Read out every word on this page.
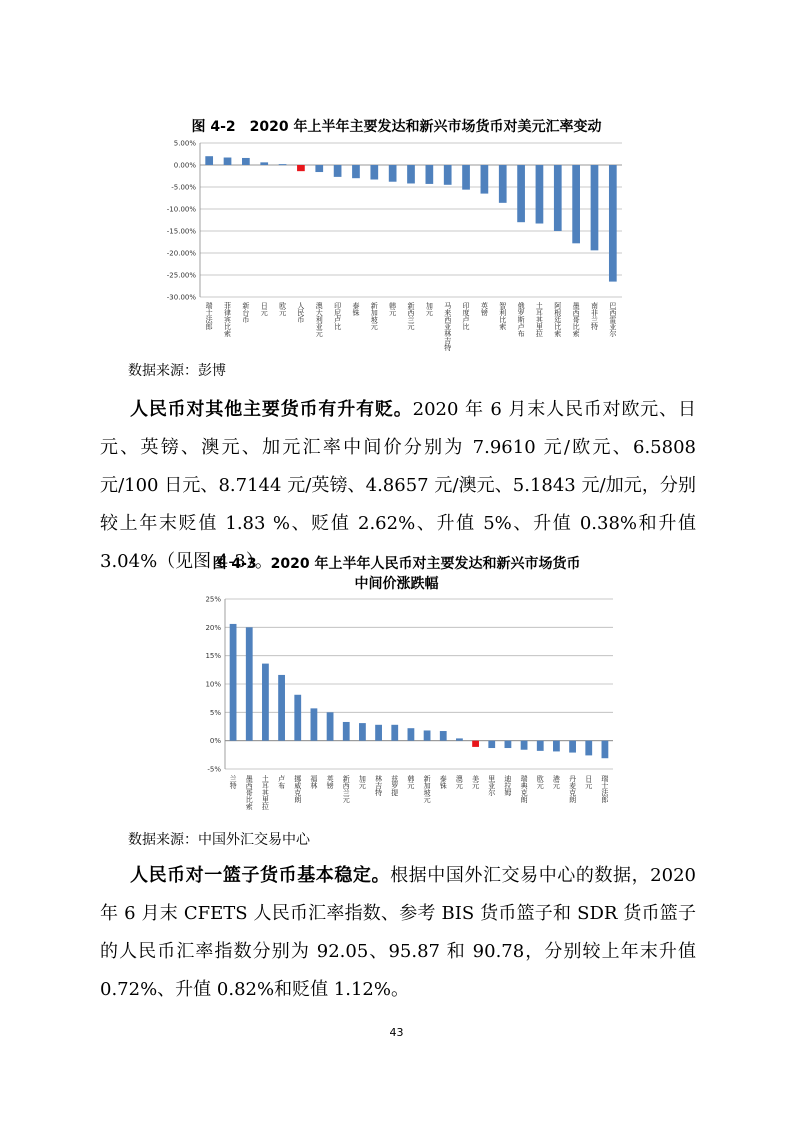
图 4-2　2020 年上半年主要发达和新兴市场货币对美元汇率变动
5.00%
0.00%
-5.00%
-10.00%
-15.00%
-20.00%
-25.00%
-30.00%
瑞士法郎 菲律宾比索 新台币 日元 欧元 人民币 澳大利亚元 印尼卢比 泰铢 新加坡元 韩元 新西兰元 加元 马来西亚林吉特 印度卢比 英镑 智利比索 俄罗斯卢布 土耳其里拉 阿根廷比索 墨西哥比索 南非兰特 巴西雷亚尔
数据来源：彭博
人民币对其他主要货币有升有贬。2020 年 6 月末人民币对欧元、日元、英镑、澳元、加元汇率中间价分别为 7.9610 元/欧元、6.5808 元/100 日元、8.7144 元/英镑、4.8657 元/澳元、5.1843 元/加元，分别较上年末贬值 1.83 %、贬值 2.62%、升值 5%、升值 0.38%和升值 3.04%（见图 4-3）。
图 4-3　2020 年上半年人民币对主要发达和新兴市场货币
中间价涨跌幅
25%
20%
15%
10%
5%
0%
-5%
兰特 墨西哥比索 土耳其里拉 卢布 挪威克朗 福林 英镑 新西兰元 加元 林吉特 兹罗提 韩元 新加坡元 泰铢 澳元 美元 里亚尔 迪拉姆 瑞典克朗 欧元 港元 丹麦克朗 日元 瑞士法郎
数据来源：中国外汇交易中心
人民币对一篮子货币基本稳定。根据中国外汇交易中心的数据，2020 年 6 月末 CFETS 人民币汇率指数、参考 BIS 货币篮子和 SDR 货币篮子的人民币汇率指数分别为 92.05、95.87 和 90.78，分别较上年末升值 0.72%、升值 0.82%和贬值 1.12%。
43
